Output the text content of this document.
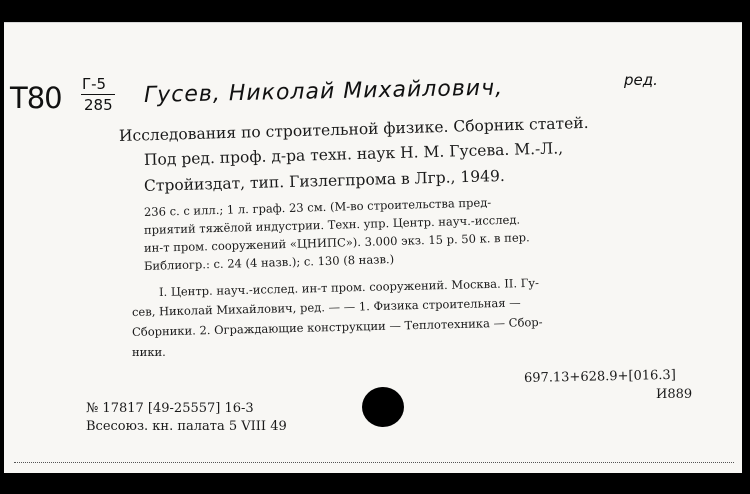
Т80 Г-5
285 Гусев, Николай Михайлович,	ред.
Исследования по строительной физике. Сборник статей.
Под ред. проф. д-ра техн. наук Н. М. Гусева. М.-Л.,
Стройиздат, тип. Гизлегпрома в Лгр., 1949.
236 с. с илл.; 1 л. граф. 23 см. (М-во строительства пред-
приятий тяжёлой индустрии. Техн. упр. Центр. науч.-исслед.
ин-т пром. сооружений «ЦНИПС»). 3.000 экз. 15 р. 50 к. в пер.
Библиогр.: с. 24 (4 назв.); с. 130 (8 назв.)
I. Центр. науч.-исслед. ин-т пром. сооружений. Москва. II. Гу-
сев, Николай Михайлович, ред. — — 1. Физика строительная —
Сборники. 2. Ограждающие конструкции — Теплотехника — Сбор-
ники.
697.13+628.9+[016.3]
И889
№ 17817 [49-25557] 16-3
Всесоюз. кн. палата 5 VIII 49
